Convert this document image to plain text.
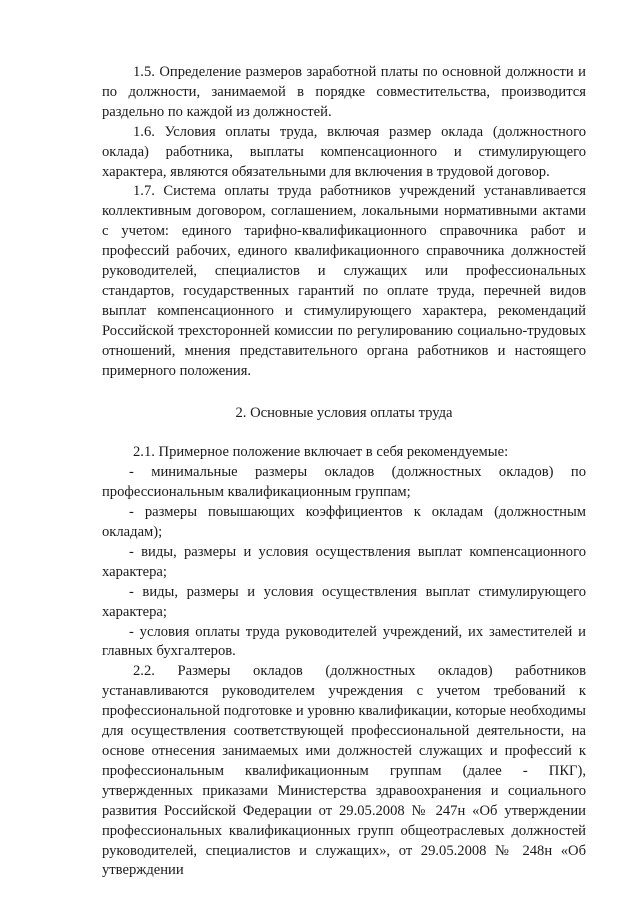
1.5. Определение размеров заработной платы по основной должности и по должности, занимаемой в порядке совместительства, производится раздельно по каждой из должностей.

1.6. Условия оплаты труда, включая размер оклада (должностного оклада) работника, выплаты компенсационного и стимулирующего характера, являются обязательными для включения в трудовой договор.

1.7. Система оплаты труда работников учреждений устанавливается коллективным договором, соглашением, локальными нормативными актами с учетом: единого тарифно-квалификационного справочника работ и профессий рабочих, единого квалификационного справочника должностей руководителей, специалистов и служащих или профессиональных стандартов, государственных гарантий по оплате труда, перечней видов выплат компенсационного и стимулирующего характера, рекомендаций Российской трехсторонней комиссии по регулированию социально-трудовых отношений, мнения представительного органа работников и настоящего примерного положения.

2. Основные условия оплаты труда

2.1. Примерное положение включает в себя рекомендуемые:

- минимальные размеры окладов (должностных окладов) по профессиональным квалификационным группам;

- размеры повышающих коэффициентов к окладам (должностным окладам);

- виды, размеры и условия осуществления выплат компенсационного характера;

- виды, размеры и условия осуществления выплат стимулирующего характера;

- условия оплаты труда руководителей учреждений, их заместителей и главных бухгалтеров.

2.2. Размеры окладов (должностных окладов) работников устанавливаются руководителем учреждения с учетом требований к профессиональной подготовке и уровню квалификации, которые необходимы для осуществления соответствующей профессиональной деятельности, на основе отнесения занимаемых ими должностей служащих и профессий к профессиональным квалификационным группам (далее - ПКГ), утвержденных приказами Министерства здравоохранения и социального развития Российской Федерации от 29.05.2008 № 247н «Об утверждении профессиональных квалификационных групп общеотраслевых должностей руководителей, специалистов и служащих», от 29.05.2008 № 248н «Об утверждении
